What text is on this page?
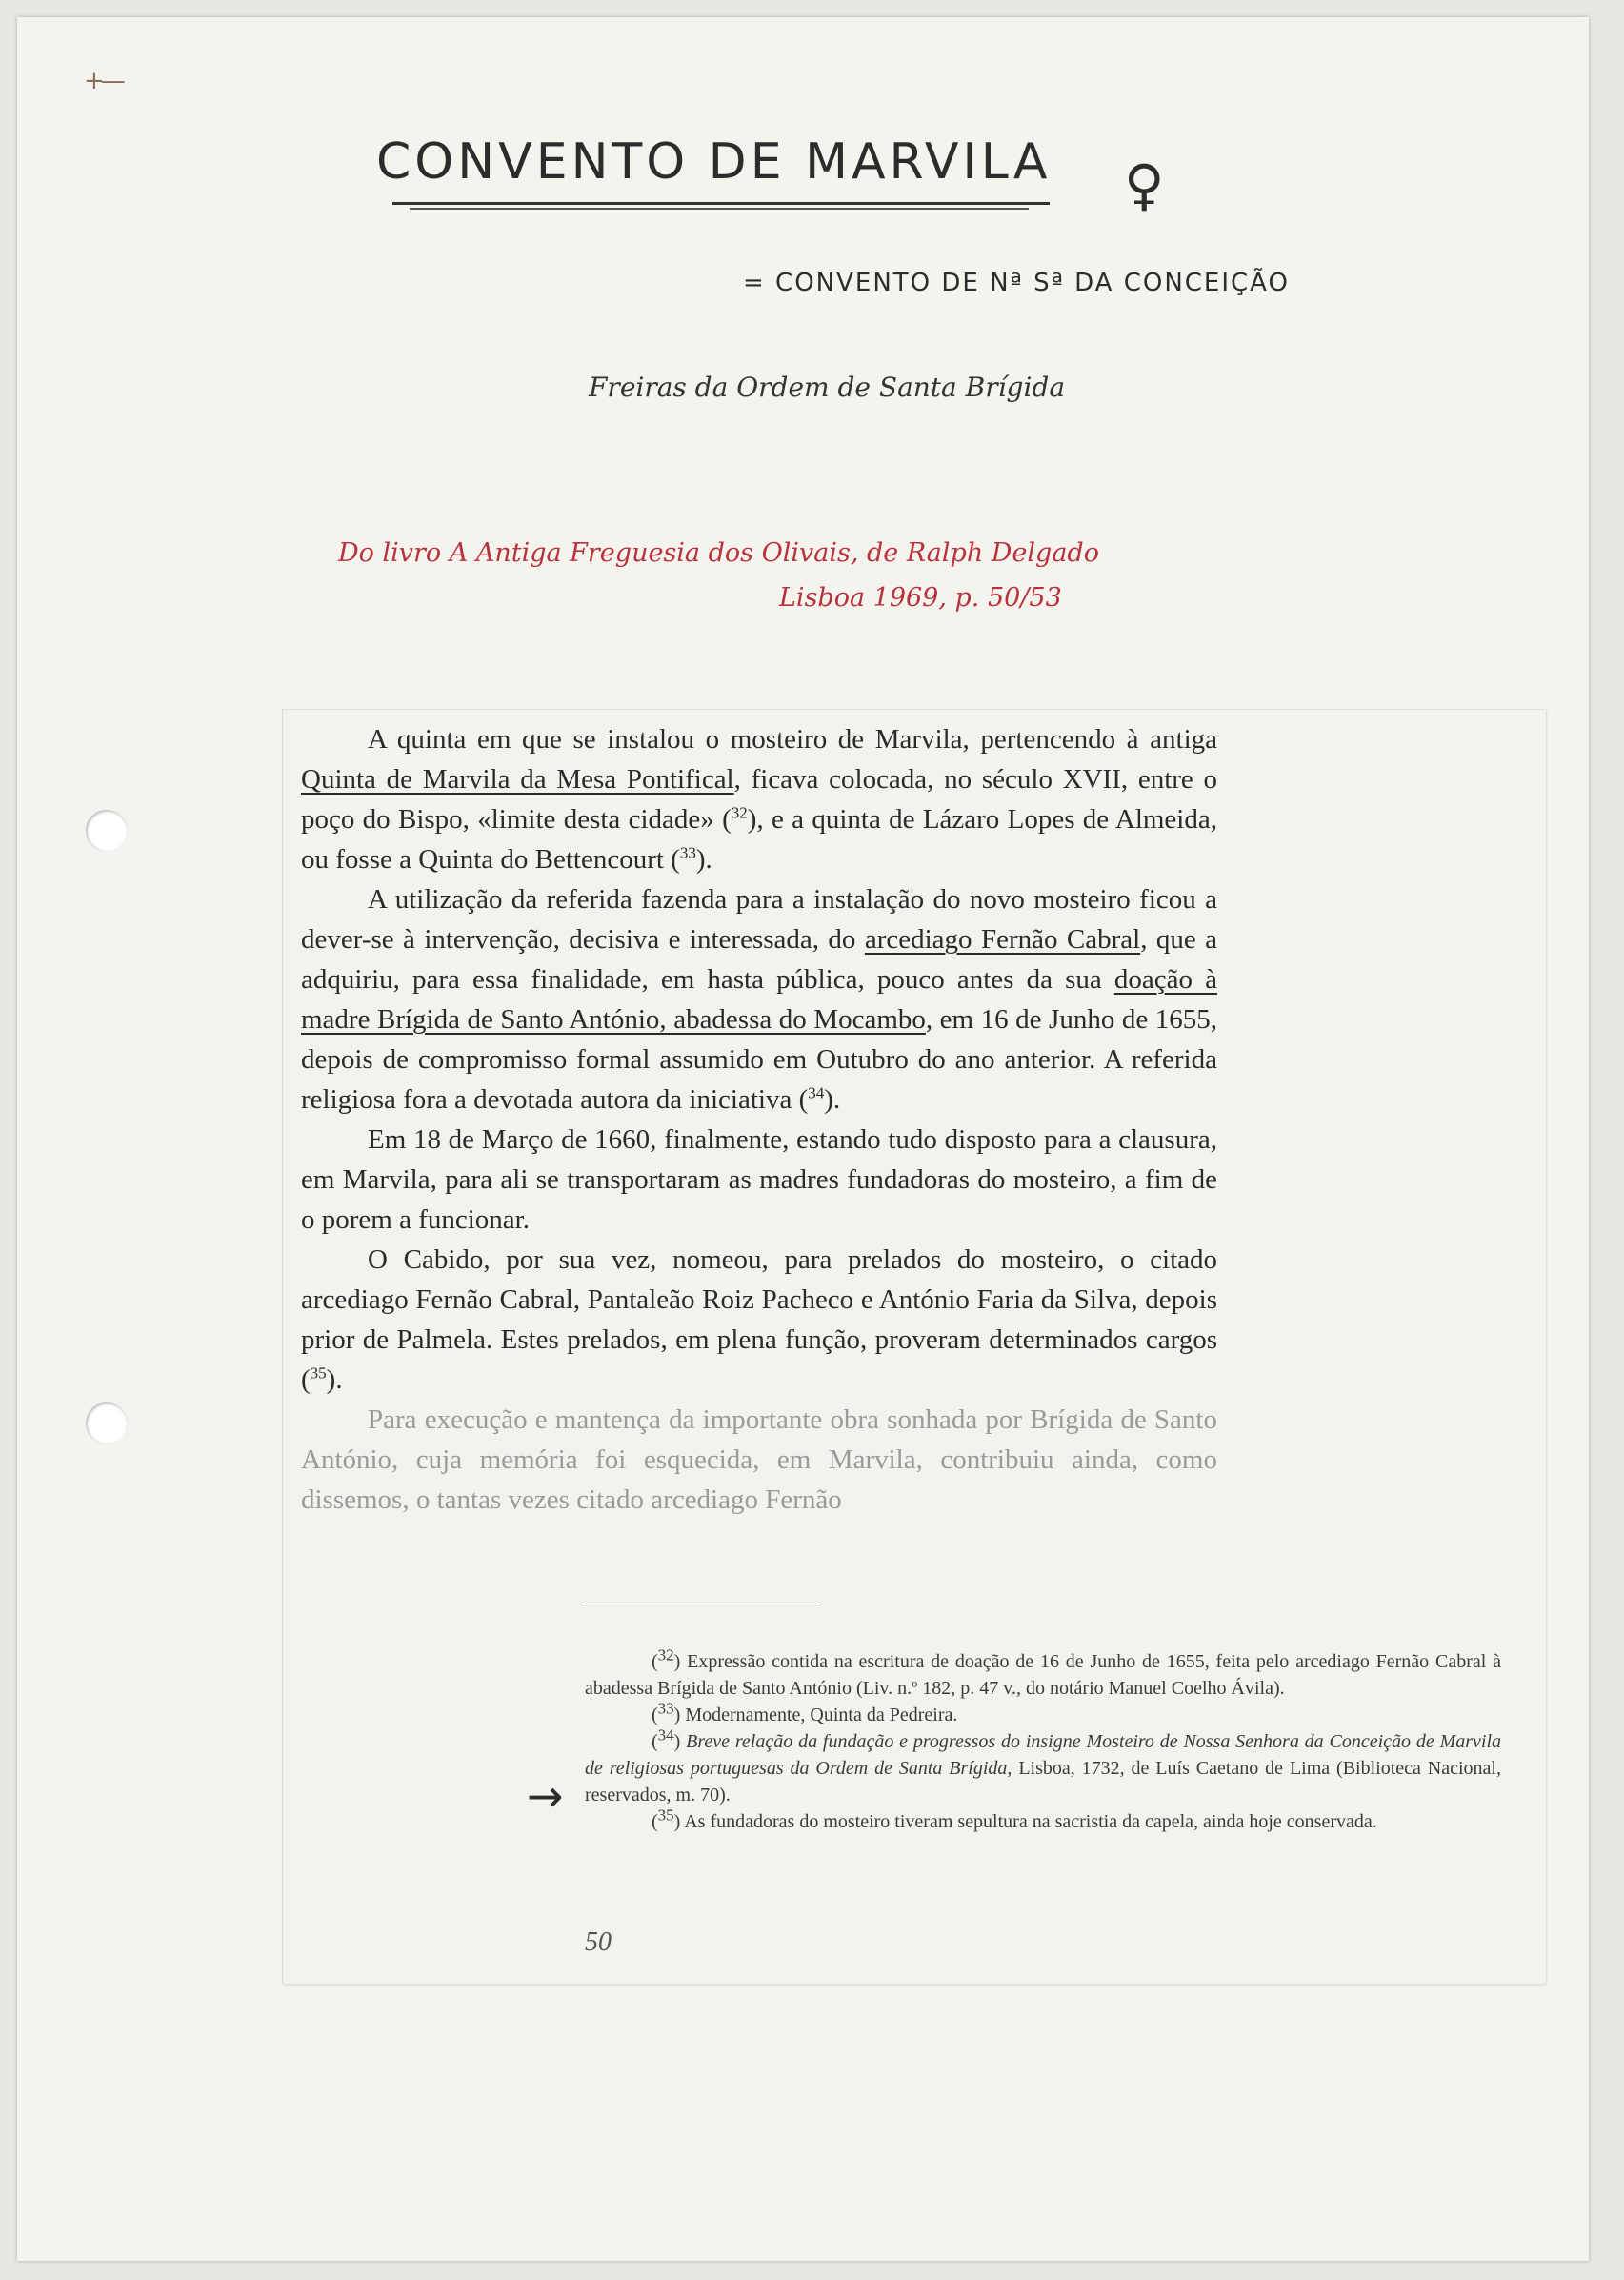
+—
CONVENTO DE MARVILA ♀
= CONVENTO DE Nª Sª DA CONCEIÇÃO
Freiras da Ordem de Santa Brígida
Do livro A Antiga Freguesia dos Olivais, de Ralph Delgado
Lisboa 1969, p. 50/53

A quinta em que se instalou o mosteiro de Marvila, pertencendo à antiga Quinta de Marvila da Mesa Pontifical, ficava colocada, no século XVII, entre o poço do Bispo, «limite desta cidade» ($^{32}$), e a quinta de Lázaro Lopes de Almeida, ou fosse a Quinta do Bettencourt ($^{33}$).

A utilização da referida fazenda para a instalação do novo mosteiro ficou a dever-se à intervenção, decisiva e interessada, do arcediago Fernão Cabral, que a adquiriu, para essa finalidade, em hasta pública, pouco antes da sua doação à madre Brígida de Santo António, abadessa do Mocambo, em 16 de Junho de 1655, depois de compromisso formal assumido em Outubro do ano anterior. A referida religiosa fora a devotada autora da iniciativa ($^{34}$).

Em 18 de Março de 1660, finalmente, estando tudo disposto para a clausura, em Marvila, para ali se transportaram as madres fundadoras do mosteiro, a fim de o porem a funcionar.

O Cabido, por sua vez, nomeou, para prelados do mosteiro, o citado arcediago Fernão Cabral, Pantaleão Roiz Pacheco e António Faria da Silva, depois prior de Palmela. Estes prelados, em plena função, proveram determinados cargos ($^{35}$).

Para execução e mantença da importante obra sonhada por Brígida de Santo António, cuja memória foi esquecida, em Marvila, contribuiu ainda, como dissemos, o tantas vezes citado arcediago Fernão

($^{32}$) Expressão contida na escritura de doação de 16 de Junho de 1655, feita pelo arcediago Fernão Cabral à abadessa Brígida de Santo António (Liv. n.º 182, p. 47 v., do notário Manuel Coelho Ávila).

($^{33}$) Modernamente, Quinta da Pedreira.

($^{34}$) Breve relação da fundação e progressos do insigne Mosteiro de Nossa Senhora da Conceição de Marvila de religiosas portuguesas da Ordem de Santa Brígida, Lisboa, 1732, de Luís Caetano de Lima (Biblioteca Nacional, reservados, m. 70).

($^{35}$) As fundadoras do mosteiro tiveram sepultura na sacristia da capela, ainda hoje conservada.

→
50
